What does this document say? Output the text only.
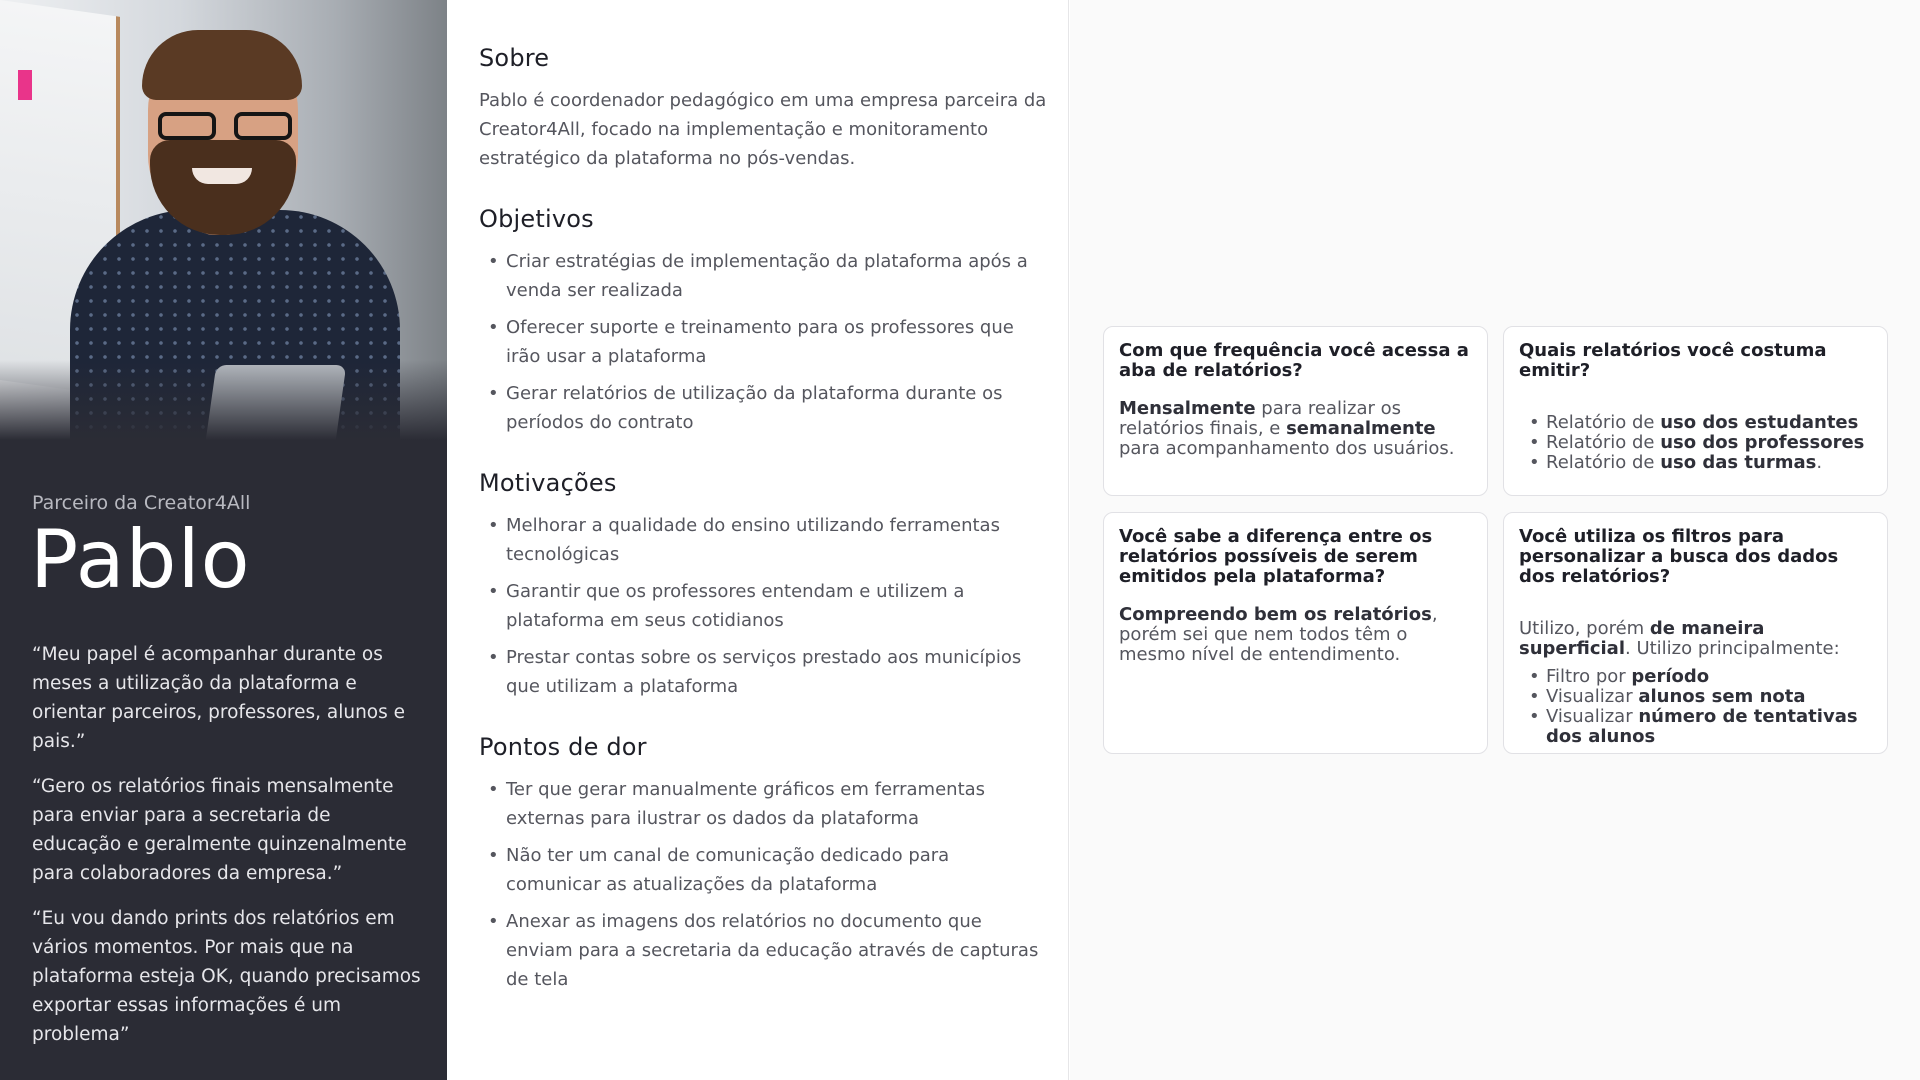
Parceiro da Creator4All
Pablo

“Meu papel é acompanhar durante os meses a utilização da plataforma e orientar parceiros, professores, alunos e pais.”

“Gero os relatórios finais mensalmente para enviar para a secretaria de educação e geralmente quinzenalmente para colaboradores da empresa.”

“Eu vou dando prints dos relatórios em vários momentos. Por mais que na plataforma esteja OK, quando precisamos exportar essas informações é um problema”

Sobre

Pablo é coordenador pedagógico em uma empresa parceira da Creator4All, focado na implementação e monitoramento estratégico da plataforma no pós-vendas.

Objetivos
• Criar estratégias de implementação da plataforma após a venda ser realizada
• Oferecer suporte e treinamento para os professores que irão usar a plataforma
• Gerar relatórios de utilização da plataforma durante os períodos do contrato
Motivações
• Melhorar a qualidade do ensino utilizando ferramentas tecnológicas
• Garantir que os professores entendam e utilizem a plataforma em seus cotidianos
• Prestar contas sobre os serviços prestado aos municípios que utilizam a plataforma
Pontos de dor
• Ter que gerar manualmente gráficos em ferramentas externas para ilustrar os dados da plataforma
• Não ter um canal de comunicação dedicado para comunicar as atualizações da plataforma
• Anexar as imagens dos relatórios no documento que enviam para a secretaria da educação através de capturas de tela
Com que frequência você acessa a aba de relatórios?

Mensalmente para realizar os relatórios finais, e semanalmente para acompanhamento dos usuários.

Quais relatórios você costuma emitir?
• Relatório de uso dos estudantes
• Relatório de uso dos professores
• Relatório de uso das turmas.
Você sabe a diferença entre os relatórios possíveis de serem emitidos pela plataforma?

Compreendo bem os relatórios, porém sei que nem todos têm o mesmo nível de entendimento.

Você utiliza os filtros para personalizar a busca dos dados dos relatórios?

Utilizo, porém de maneira superficial. Utilizo principalmente:

• Filtro por período
• Visualizar alunos sem nota
• Visualizar número de tentativas dos alunos
